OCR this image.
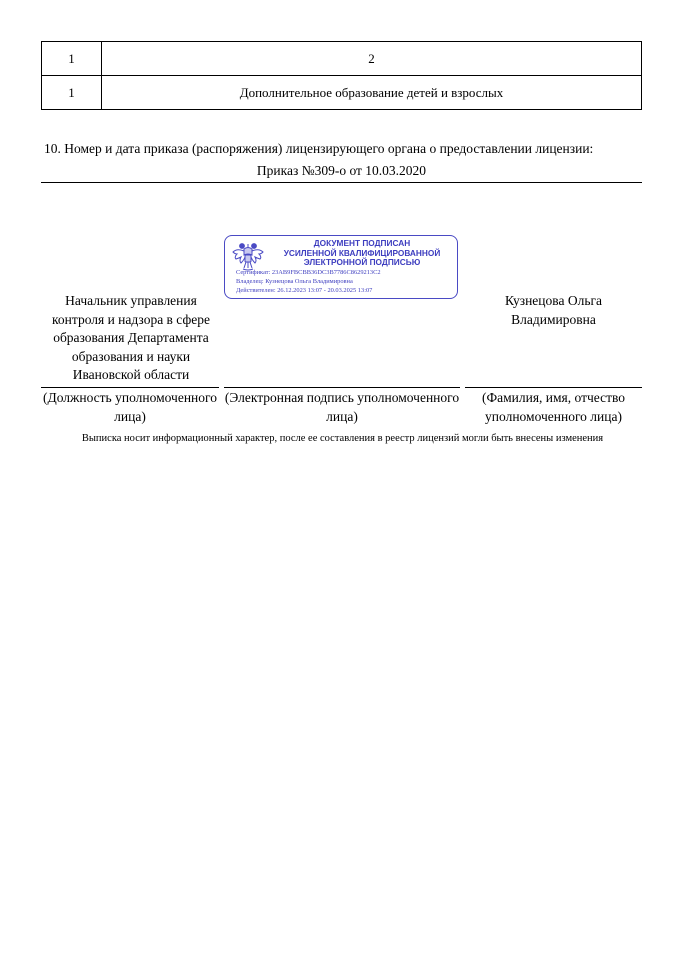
1	2
1	Дополнительное образование детей и взрослых
10. Номер и дата приказа (распоряжения) лицензирующего органа о предоставлении лицензии:
Приказ №309-о от 10.03.2020
Начальник управления контроля и надзора в сфере образования Департамента образования и науки Ивановской области
ДОКУМЕНТ ПОДПИСАН
УСИЛЕННОЙ КВАЛИФИЦИРОВАННОЙ
ЭЛЕКТРОННОЙ ПОДПИСЬЮ
Сертификат: 23AB9FBCBB36DC3B7786C8629213C2
Владелец: Кузнецова Ольга Владимировна
Действителен: 26.12.2023 13:07 - 20.03.2025 13:07
Кузнецова Ольга Владимировна
(Должность уполномоченного лица)
(Электронная подпись уполномоченного лица)
(Фамилия, имя, отчество уполномоченного лица)
Выписка носит информационный характер, после ее составления в реестр лицензий могли быть внесены изменения
